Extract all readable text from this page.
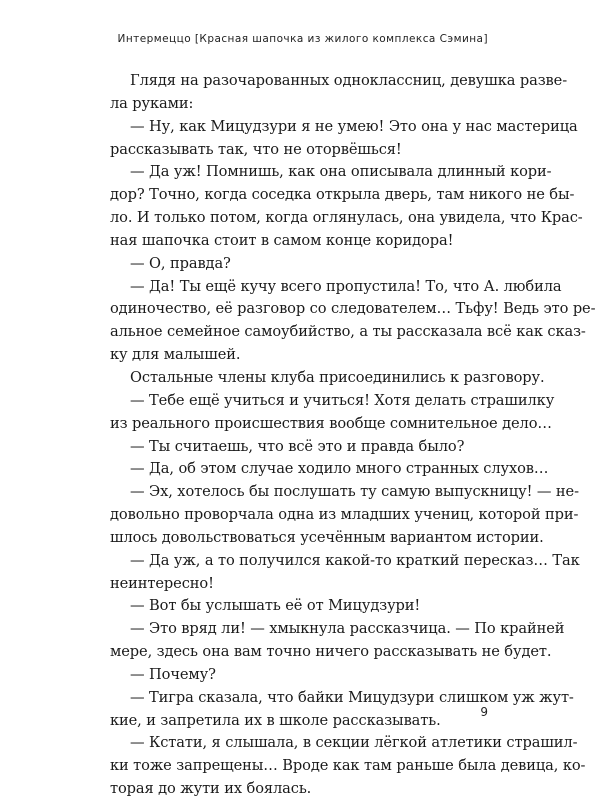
Интермеццо [Красная шапочка из жилого комплекса Сэмина]
Глядя на разочарованных одноклассниц, девушка разве-
ла руками:
— Ну, как Мицудзури я не умею! Это она у нас мастерица
рассказывать так, что не оторвёшься!
— Да уж! Помнишь, как она описывала длинный кори-
дор? Точно, когда соседка открыла дверь, там никого не бы-
ло. И только потом, когда оглянулась, она увидела, что Крас-
ная шапочка стоит в самом конце коридора!
— О, правда?
— Да! Ты ещё кучу всего пропустила! То, что А. любила
одиночество, её разговор со следователем… Тьфу! Ведь это ре-
альное семейное самоубийство, а ты рассказала всё как сказ-
ку для малышей.
Остальные члены клуба присоединились к разговору.
— Тебе ещё учиться и учиться! Хотя делать страшилку
из реального происшествия вообще сомнительное дело…
— Ты считаешь, что всё это и правда было?
— Да, об этом случае ходило много странных слухов…
— Эх, хотелось бы послушать ту самую выпускницу! — не-
довольно проворчала одна из младших учениц, которой при-
шлось довольствоваться усечённым вариантом истории.
— Да уж, а то получился какой-то краткий пересказ… Так
неинтересно!
— Вот бы услышать её от Мицудзури!
— Это вряд ли! — хмыкнула рассказчица. — По крайней
мере, здесь она вам точно ничего рассказывать не будет.
— Почему?
— Тигра сказала, что байки Мицудзури слишком уж жут-
кие, и запретила их в школе рассказывать.
— Кстати, я слышала, в секции лёгкой атлетики страшил-
ки тоже запрещены… Вроде как там раньше была девица, ко-
торая до жути их боялась.
9
